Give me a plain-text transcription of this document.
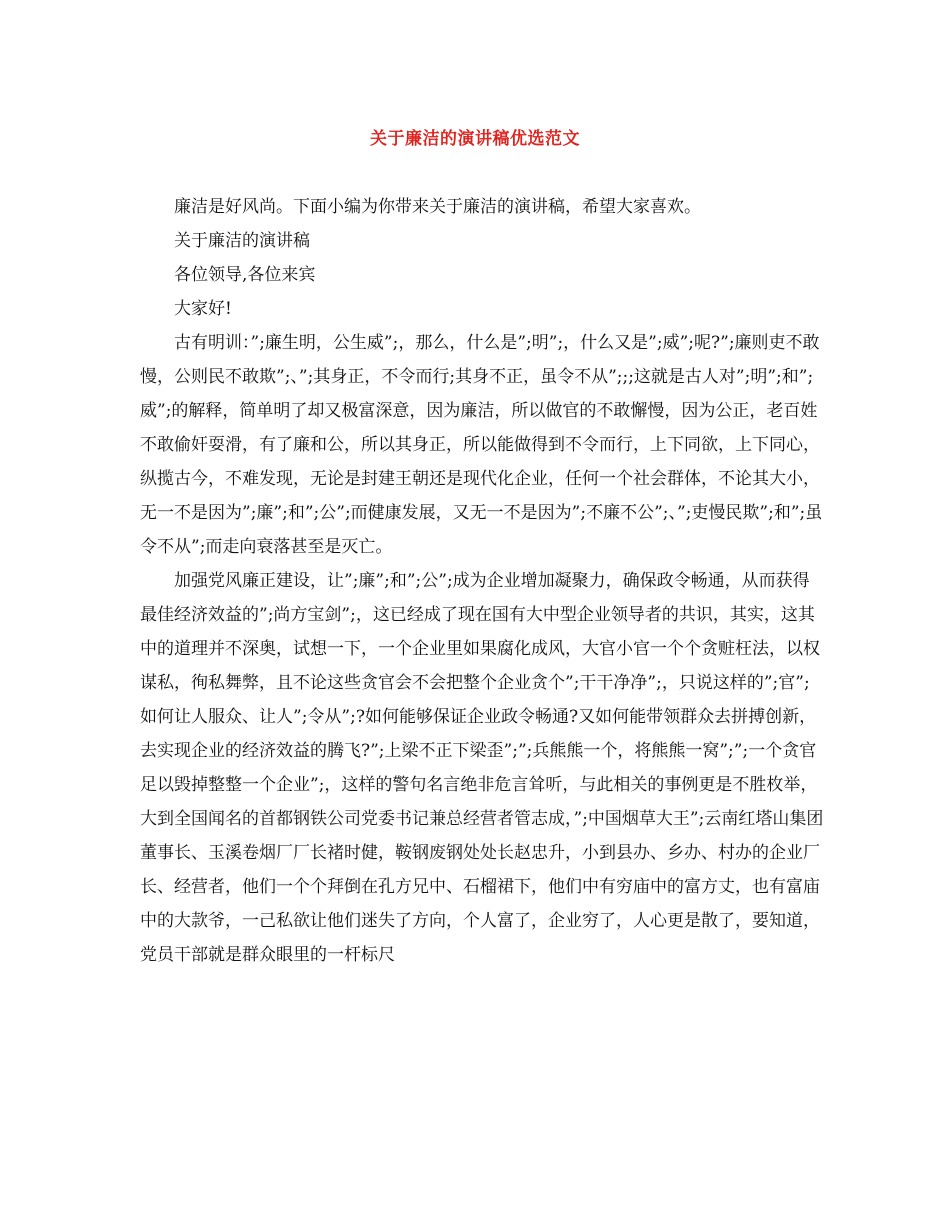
关于廉洁的演讲稿优选范文

廉洁是好风尚。下面小编为你带来关于廉洁的演讲稿，希望大家喜欢。

关于廉洁的演讲稿

各位领导,各位来宾

大家好!

古有明训：”;廉生明，公生威”;，那么，什么是”;明”;，什么又是”;威”;呢?”;廉则吏不敢慢，公则民不敢欺”;、”;其身正，不令而行;其身不正，虽令不从”;;;这就是古人对”;明”;和”;威”;的解释，简单明了却又极富深意，因为廉洁，所以做官的不敢懈慢，因为公正，老百姓不敢偷奸耍滑，有了廉和公，所以其身正，所以能做得到不令而行，上下同欲，上下同心，纵揽古今，不难发现，无论是封建王朝还是现代化企业，任何一个社会群体，不论其大小，无一不是因为”;廉”;和”;公”;而健康发展，又无一不是因为”;不廉不公”;、”;吏慢民欺”;和”;虽令不从”;而走向衰落甚至是灭亡。

加强党风廉正建设，让”;廉”;和”;公”;成为企业增加凝聚力，确保政令畅通，从而获得最佳经济效益的”;尚方宝剑”;，这已经成了现在国有大中型企业领导者的共识，其实，这其中的道理并不深奥，试想一下，一个企业里如果腐化成风，大官小官一个个贪赃枉法，以权谋私，徇私舞弊，且不论这些贪官会不会把整个企业贪个”;干干净净”;，只说这样的”;官”;如何让人服众、让人”;令从”;?如何能够保证企业政令畅通?又如何能带领群众去拼搏创新，去实现企业的经济效益的腾飞?”;上梁不正下梁歪”;”;兵熊熊一个，将熊熊一窝”;”;一个贪官足以毁掉整整一个企业”;，这样的警句名言绝非危言耸听，与此相关的事例更是不胜枚举，大到全国闻名的首都钢铁公司党委书记兼总经营者管志成，”;中国烟草大王”;云南红塔山集团董事长、玉溪卷烟厂厂长褚时健，鞍钢废钢处处长赵忠升，小到县办、乡办、村办的企业厂长、经营者，他们一个个拜倒在孔方兄中、石榴裙下，他们中有穷庙中的富方丈，也有富庙中的大款爷，一己私欲让他们迷失了方向，个人富了，企业穷了，人心更是散了，要知道，党员干部就是群众眼里的一杆标尺
